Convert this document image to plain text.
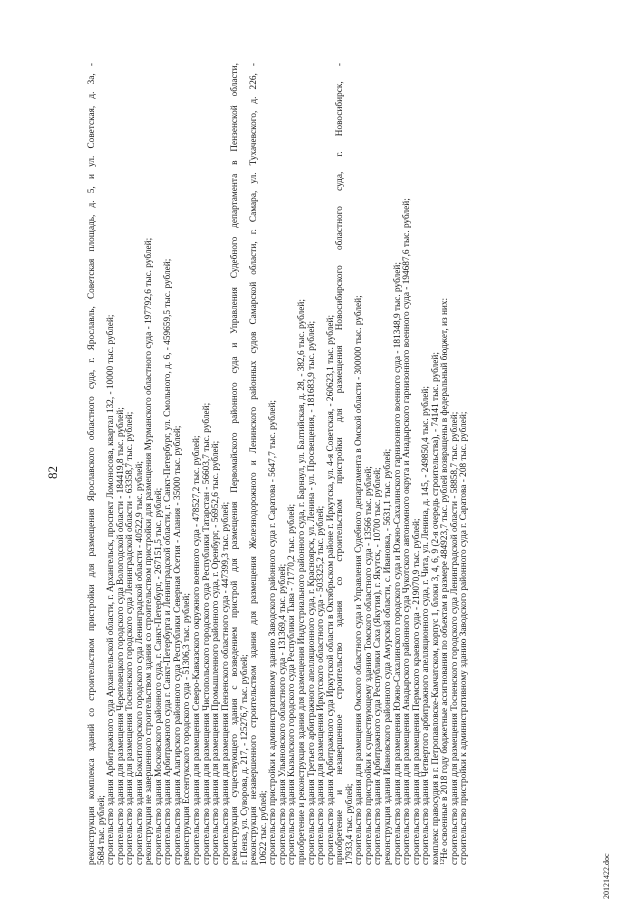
82	реконструкция комплекса зданий со строительством пристройки для размещения Ярославского областного суда, г. Ярославль, Советская площадь, д. 5, и ул. Советская, д. 3а, - 5684 тыс. рублей; строительство здания Арбитражного суда Архангельской области, г. Архангельск, проспект Ломоносова, квартал 132, - 10000 тыс. рублей; строительство здания для размещения Череповецкого городского суда Вологодской области - 184419,8 тыс. рублей; строительство здания для размещения Тосненского городского суда Ленинградской области - 63358,7 тыс. рублей; строительство здания Бокситогорского городского суда Ленинградской области - 40522,9 тыс. рублей; реконструкция не завершенного строительством здания со строительством пристройки для размещения Мурманского областного суда - 197792,6 тыс. рублей; строительство здания Московского районного суда, г. Санкт-Петербург, - 267151,5 тыс. рублей; строительство здания Арбитражного суда г. Санкт-Петербурга и Ленинградской области, г. Санкт-Петербург, ул. Смольного, д. 6, - 459659,5 тыс. рублей; строительство здания Алагирского районного суда Республики Северная Осетия - Алания - 35000 тыс. рублей; реконструкция Ессентукского городского суда - 51306,3 тыс. рублей; строительство здания для размещения Северо-Кавказского окружного военного суда - 478527,2 тыс. рублей; строительство здания для размещения Чистопольского городского суда Республики Татарстан - 56603,7 тыс. рублей; строительство здания для размещения Промышленного районного суда, г. Оренбург, - 56952,6 тыс. рублей; строительство здания для размещения Пензенского областного суда - 447399,3 тыс. рублей; реконструкция существующего здания с возведением пристрой для размещения Первомайского районного суда и Управления Судебного департамента в Пензенской области, г. Пенза, ул. Суворова, д. 217, - 125276,7 тыс. рублей; реконструкция незавершенного строительством здания для размещения Железнодорожного и Ленинского районных судов Самарской области, г. Самара, ул. Тухачевского, д. 226, - 10622 тыс. рублей; строительство пристройки к административному зданию Заводского районного суда г. Саратова - 5647,7 тыс. рублей; строительство здания Ульяновского областного суда - 131369,4 тыс. рублей; строительство здания Кызылского городского суда Республики Тыва - 71770,2 тыс. рублей; приобретение и реконструкция здания для размещения Индустриального районного суда, г. Барнаул, ул. Балтийская, д. 28, - 382,6 тыс. рублей; строительство здания Третьего арбитражного апелляционного суда, г. Красноярск, ул. Ленина - ул. Просвещения, - 181683,9 тыс. рублей; строительство здания для размещения Иркутского областного суда - 503325,2 тыс. рублей; строительство здания Арбитражного суда Иркутской области в Октябрьском районе г. Иркутска, ул. 4-я Советская, - 260623,1 тыс. рублей; приобретение и незавершенное строительство здания со строительством пристройки для размещения Новосибирского областного суда, г. Новосибирск, - 17933,4 тыс. рублей; строительство здания для размещения Омского областного суда и Управления Судебного департамента в Омской области - 300000 тыс. рублей; строительство пристройки к существующему зданию Томского областного суда - 13566 тыс. рублей; строительство здания Арбитражного суда Республики Саха (Якутия), г. Якутск, - 10700 тыс. рублей; реконструкция здания Ивановского районного суда Амурской области, с. Ивановка, - 5631,1 тыс. рублей; строительство здания для размещения Южно-Сахалинского городского суда и Южно-Сахалинского гарнизонного военного суда - 181348,9 тыс. рублей; строительство здания для размещения Анадырского районного суда Чукотского автономного округа и Анадырского гарнизонного военного суда - 194687,6 тыс. рублей; строительство здания для размещения Пермского краевого суда - 219070,9 тыс. рублей; строительство здания Четвертого арбитражного апелляционного суда, г. Чита, ул. Ленина, д. 145, - 249850,4 тыс. рублей; комплекс правосудия в г. Петропавловске-Камчатском, корпус 1, блоки 3, 4, 6, 9 (2-я очередь строительства), - 74141 тыс. рублей; $^{12}$Не освоенные в 2018 году бюджетные ассигнования по объектам в размере 484923,7 тыс. рублей возвращены в федеральный бюджет, из них: строительство здания для размещения Тосненского городского суда Ленинградской области - 58858,7 тыс. рублей; строительство пристройки к административному зданию Заводского районного суда г. Саратова - 208 тыс. рублей;
20121422.doc
